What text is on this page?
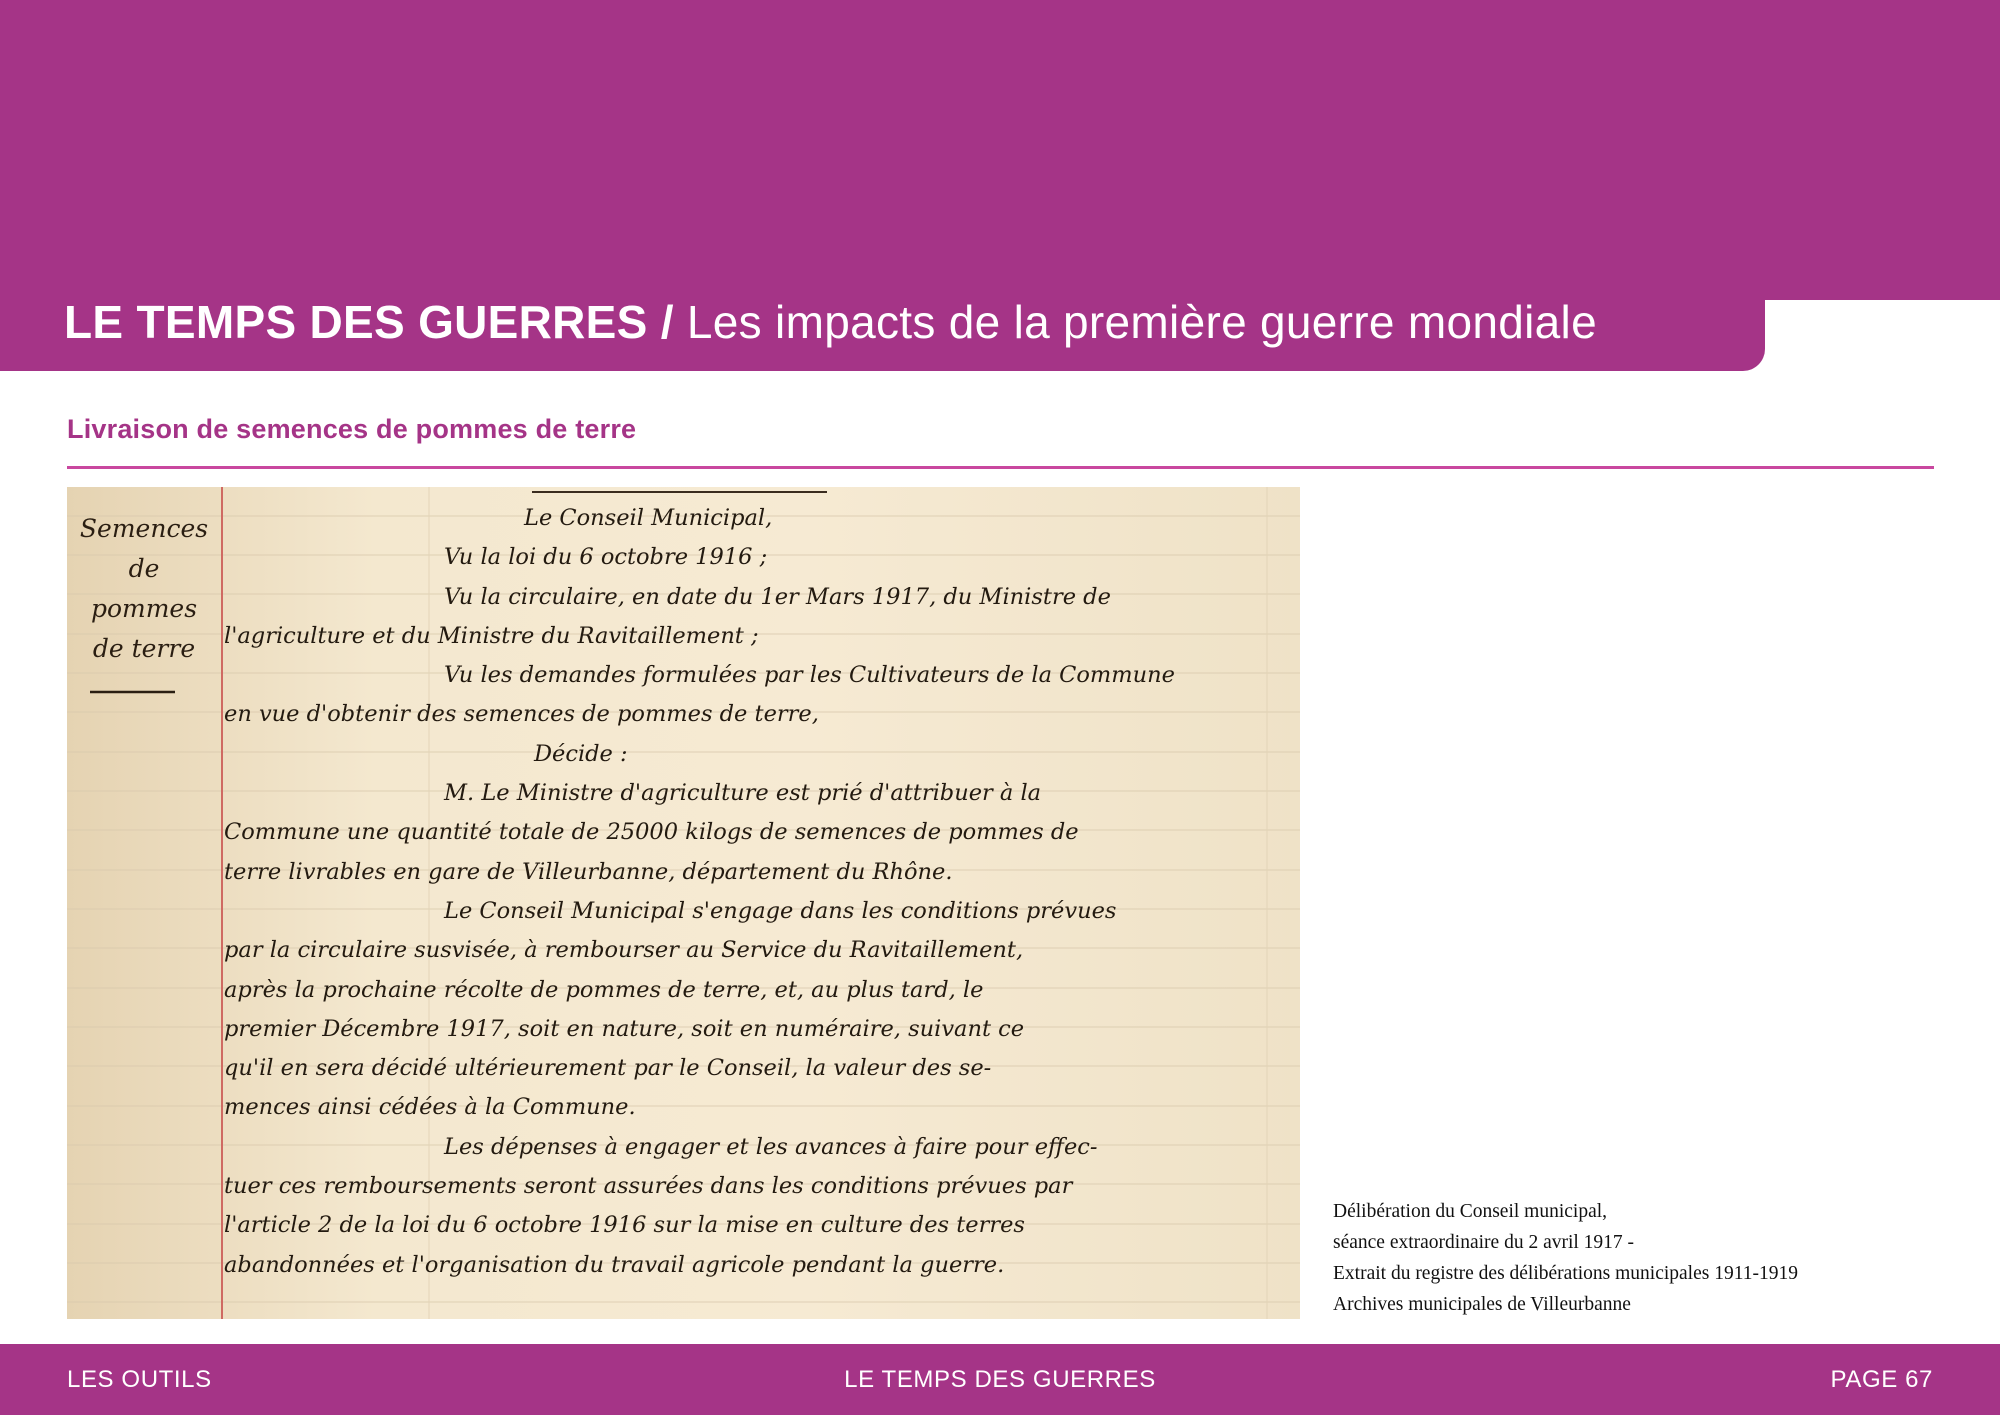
LE TEMPS DES GUERRES / Les impacts de la première guerre mondiale
Livraison de semences de pommes de terre
Semences
de
pommes
de terre
Le Conseil Municipal,
Vu la loi du 6 octobre 1916 ;
Vu la circulaire, en date du 1er Mars 1917, du Ministre de
l'agriculture et du Ministre du Ravitaillement ;
Vu les demandes formulées par les Cultivateurs de la Commune
en vue d'obtenir des semences de pommes de terre,
Décide :
M. Le Ministre d'agriculture est prié d'attribuer à la
Commune une quantité totale de 25000 kilogs de semences de pommes de
terre livrables en gare de Villeurbanne, département du Rhône.
Le Conseil Municipal s'engage dans les conditions prévues
par la circulaire susvisée, à rembourser au Service du Ravitaillement,
après la prochaine récolte de pommes de terre, et, au plus tard, le
premier Décembre 1917, soit en nature, soit en numéraire, suivant ce
qu'il en sera décidé ultérieurement par le Conseil, la valeur des se-
mences ainsi cédées à la Commune.
Les dépenses à engager et les avances à faire pour effec-
tuer ces remboursements seront assurées dans les conditions prévues par
l'article 2 de la loi du 6 octobre 1916 sur la mise en culture des terres
abandonnées et l'organisation du travail agricole pendant la guerre.
Délibération du Conseil municipal,
séance extraordinaire du 2 avril 1917 -
Extrait du registre des délibérations municipales 1911-1919
Archives municipales de Villeurbanne
LES OUTILS	LE TEMPS DES GUERRES	PAGE 67
